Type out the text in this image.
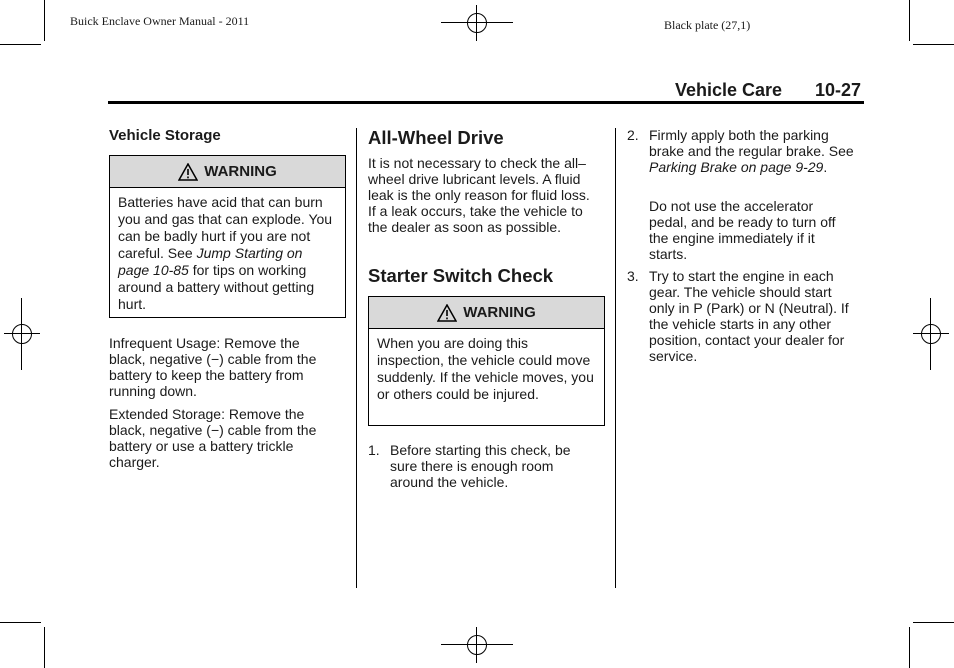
Buick Enclave Owner Manual - 2011	Black plate (27,1)
Vehicle Care 10-27
Vehicle Storage
WARNING
Batteries have acid that can burn you and gas that can explode. You can be badly hurt if you are not careful. See Jump Starting on page 10-85 for tips on working around a battery without getting hurt.

Infrequent Usage: Remove the black, negative (−) cable from the battery to keep the battery from running down.

Extended Storage: Remove the black, negative (−) cable from the battery or use a battery trickle charger.

All-Wheel Drive
It is not necessary to check the all–wheel drive lubricant levels. A fluid leak is the only reason for fluid loss. If a leak occurs, take the vehicle to the dealer as soon as possible.
Starter Switch Check
WARNING
When you are doing this inspection, the vehicle could move suddenly. If the vehicle moves, you or others could be injured.
1. Before starting this check, be sure there is enough room around the vehicle.
2. Firmly apply both the parking brake and the regular brake. See Parking Brake on page 9-29.
Do not use the accelerator pedal, and be ready to turn off the engine immediately if it starts.
3. Try to start the engine in each gear. The vehicle should start only in P (Park) or N (Neutral). If the vehicle starts in any other position, contact your dealer for service.
